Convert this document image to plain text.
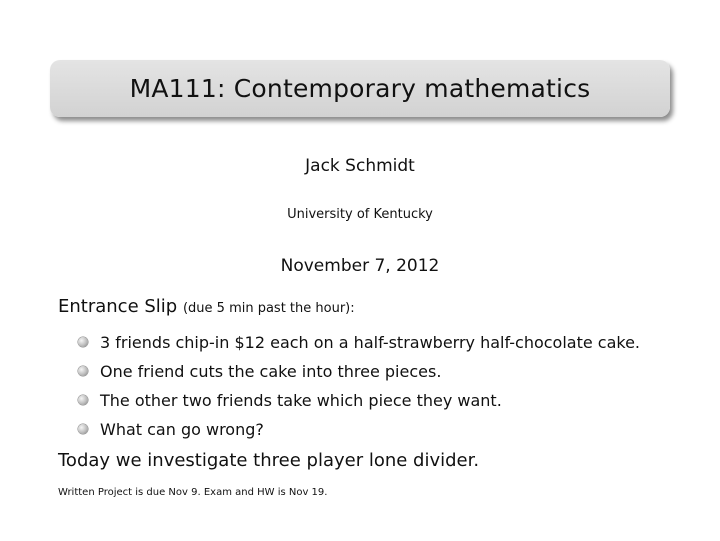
MA111: Contemporary mathematics
Jack Schmidt
University of Kentucky
November 7, 2012
Entrance Slip (due 5 min past the hour):
3 friends chip-in $12 each on a half-strawberry half-chocolate cake.
One friend cuts the cake into three pieces.
The other two friends take which piece they want.
What can go wrong?
Today we investigate three player lone divider.
Written Project is due Nov 9. Exam and HW is Nov 19.
